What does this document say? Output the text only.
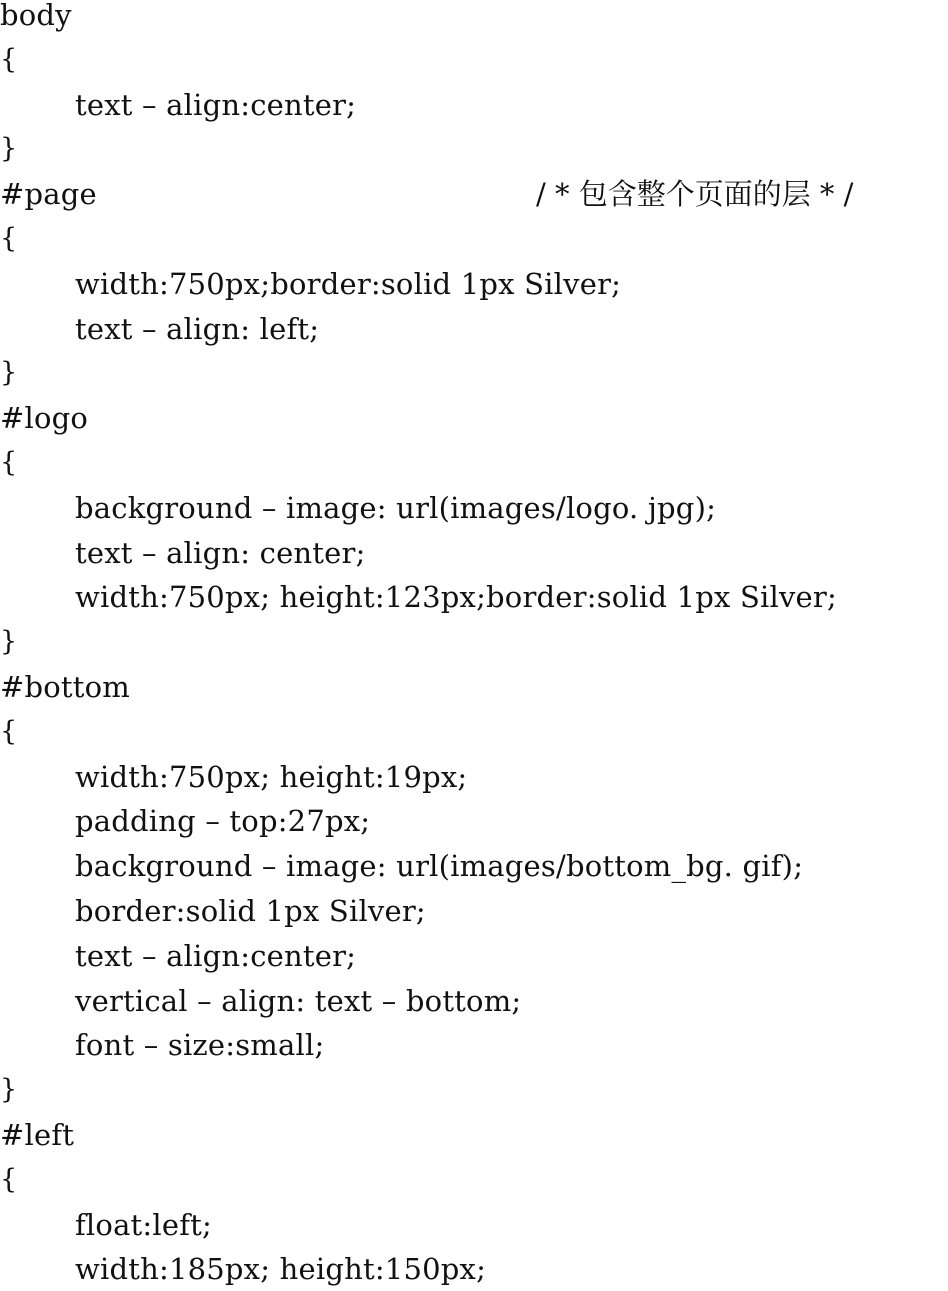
body
{
text – align:center;
}
#page
{
width:750px;border:solid 1px Silver;
text – align: left;
}
#logo
{
background – image: url(images/logo. jpg);
text – align: center;
width:750px; height:123px;border:solid 1px Silver;
}
#bottom
{
width:750px; height:19px;
padding – top:27px;
background – image: url(images/bottom_bg. gif);
border:solid 1px Silver;
text – align:center;
vertical – align: text – bottom;
font – size:small;
}
#left
{
float:left;
width:185px; height:150px;
/ * 包含整个页面的层 * /
